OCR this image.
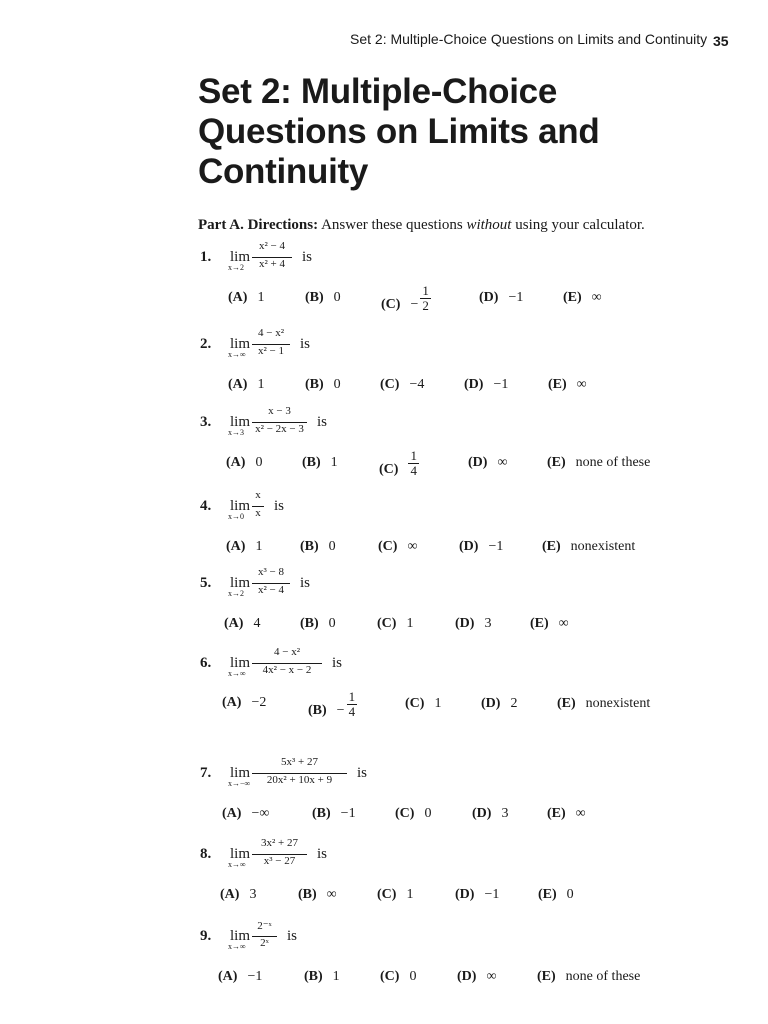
Set 2: Multiple-Choice Questions on Limits and Continuity 35
Set 2: Multiple-Choice Questions on Limits and Continuity
Part A. Directions: Answer these questions without using your calculator.
1. lim
x→2
x² − 4
x² + 4	is
(A) 1	(B) 0	$(C) - \frac{1}{2}$	(D) −1	(E) ∞
2. lim
x→∞
4 − x²
x² − 1	is
(A) 1	(B) 0	(C) −4	(D) −1	(E) ∞
3. lim
x→3
x − 3
x² − 2x − 3 is
(A) 0	(B) 1	$(C) \frac{1}{4}$	(D) ∞	(E) none of these
4. lim
x→0
x
x is
(A) 1	(B) 0	(C) ∞	(D) −1	(E) nonexistent
5. lim
x→2
x³ − 8
x² − 4	is
(A) 4	(B) 0	(C) 1	(D) 3	(E) ∞
6. lim
x→∞
4 − x²
4x² − x − 2	is
(A) −2
$(B) - \frac{1}{4}$	(C) 1	(D) 2	(E) nonexistent
7. lim
x→−∞
5x³ + 27
20x² + 10x + 9	is
(A) −∞	(B) −1	(C) 0	(D) 3	(E) ∞
8. lim
x→∞
3x² + 27
x³ − 27	is
(A) 3	(B) ∞	(C) 1	(D) −1	(E) 0
9. lim
x→∞
2⁻ˣ
2ˣ	is
(A) −1	(B) 1	(C) 0	(D) ∞	(E) none of these
